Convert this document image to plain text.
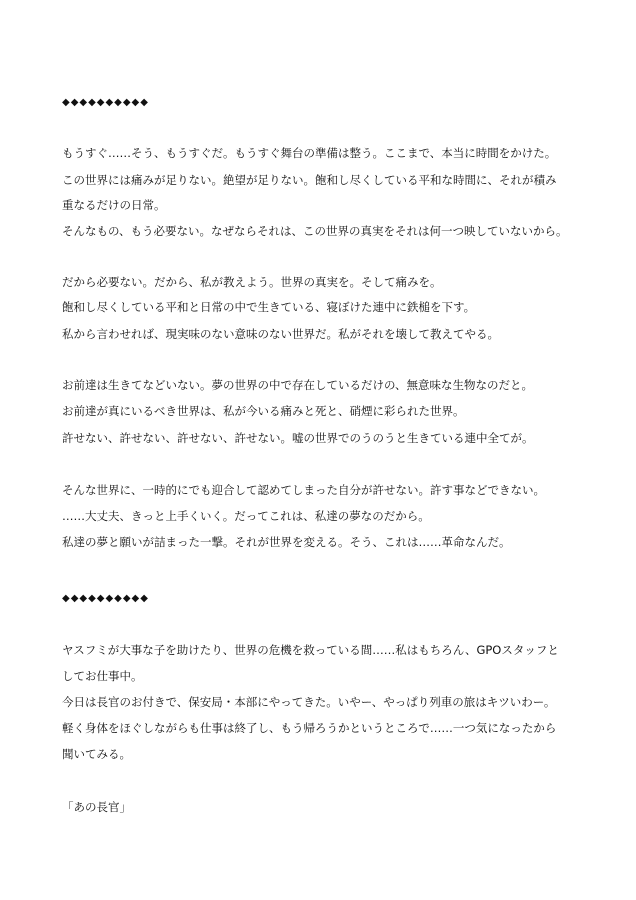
◆◆◆◆◆◆◆◆◆◆

もうすぐ……そう、もうすぐだ。もうすぐ舞台の準備は整う。ここまで、本当に時間をかけた。

この世界には痛みが足りない。絶望が足りない。飽和し尽くしている平和な時間に、それが積み

重なるだけの日常。

そんなもの、もう必要ない。なぜならそれは、この世界の真実をそれは何一つ映していないから。

だから必要ない。だから、私が教えよう。世界の真実を。そして痛みを。

飽和し尽くしている平和と日常の中で生きている、寝ぼけた連中に鉄槌を下す。

私から言わせれば、現実味のない意味のない世界だ。私がそれを壊して教えてやる。

お前達は生きてなどいない。夢の世界の中で存在しているだけの、無意味な生物なのだと。

お前達が真にいるべき世界は、私が今いる痛みと死と、硝煙に彩られた世界。

許せない、許せない、許せない、許せない。嘘の世界でのうのうと生きている連中全てが。

そんな世界に、一時的にでも迎合して認めてしまった自分が許せない。許す事などできない。

……大丈夫、きっと上手くいく。だってこれは、私達の夢なのだから。

私達の夢と願いが詰まった一撃。それが世界を変える。そう、これは……革命なんだ。

◆◆◆◆◆◆◆◆◆◆

ヤスフミが大事な子を助けたり、世界の危機を救っている間……私はもちろん、GPOスタッフと

してお仕事中。

今日は長官のお付きで、保安局・本部にやってきた。いやー、やっぱり列車の旅はキツいわー。

軽く身体をほぐしながらも仕事は終了し、もう帰ろうかというところで……一つ気になったから

聞いてみる。

「あの長官」
